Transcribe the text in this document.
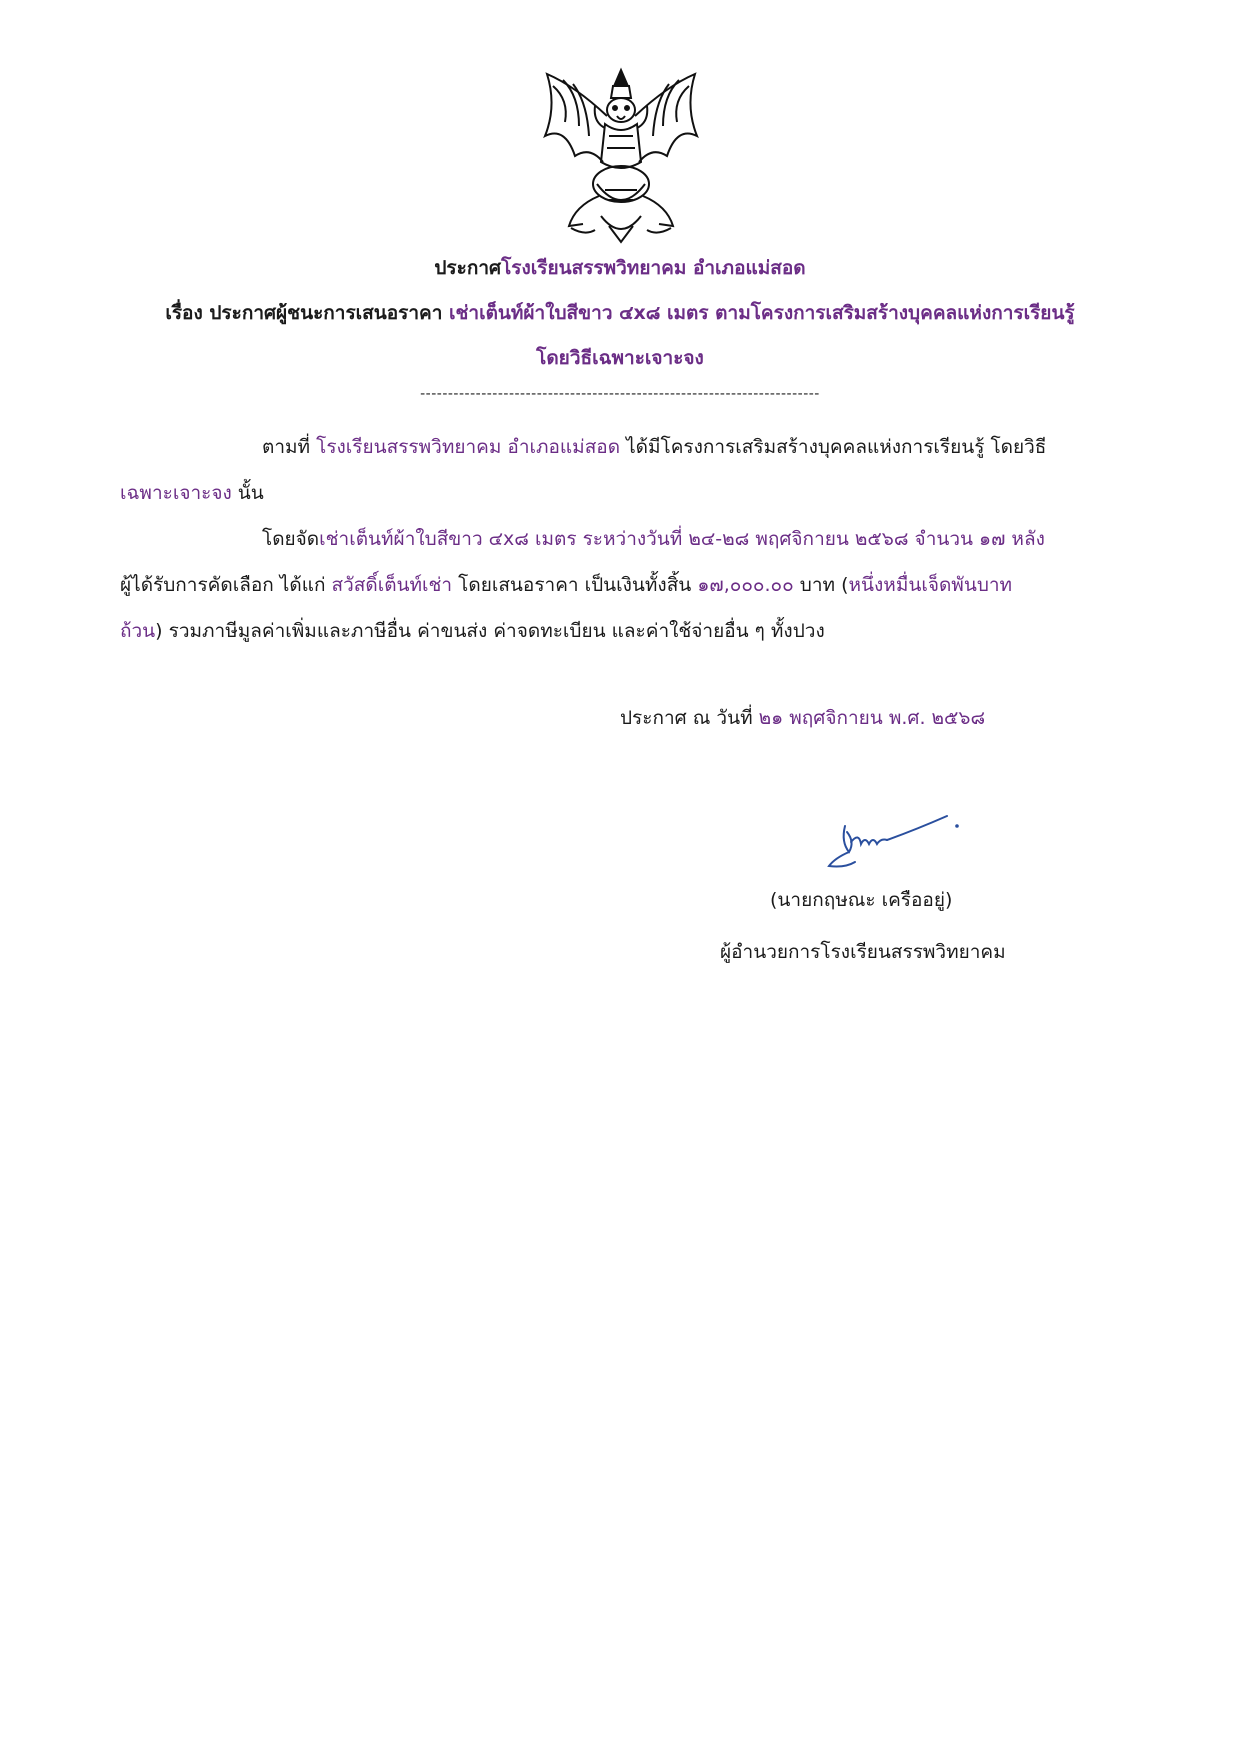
ประกาศโรงเรียนสรรพวิทยาคม อำเภอแม่สอด
เรื่อง ประกาศผู้ชนะการเสนอราคา เช่าเต็นท์ผ้าใบสีขาว ๔x๘ เมตร ตามโครงการเสริมสร้างบุคคลแห่งการเรียนรู้
โดยวิธีเฉพาะเจาะจง
------------------------------------------------------------------------
ตามที่ โรงเรียนสรรพวิทยาคม อำเภอแม่สอด ได้มีโครงการเสริมสร้างบุคคลแห่งการเรียนรู้ โดยวิธี
เฉพาะเจาะจง นั้น
โดยจัดเช่าเต็นท์ผ้าใบสีขาว ๔x๘ เมตร ระหว่างวันที่ ๒๔-๒๘ พฤศจิกายน ๒๕๖๘ จำนวน ๑๗ หลัง
ผู้ได้รับการคัดเลือก ได้แก่ สวัสดิ์เต็นท์เช่า โดยเสนอราคา เป็นเงินทั้งสิ้น ๑๗,๐๐๐.๐๐ บาท (หนึ่งหมื่นเจ็ดพันบาท
ถ้วน) รวมภาษีมูลค่าเพิ่มและภาษีอื่น ค่าขนส่ง ค่าจดทะเบียน และค่าใช้จ่ายอื่น ๆ ทั้งปวง
ประกาศ ณ วันที่ ๒๑ พฤศจิกายน พ.ศ. ๒๕๖๘
(นายกฤษณะ เครืออยู่)
ผู้อำนวยการโรงเรียนสรรพวิทยาคม
